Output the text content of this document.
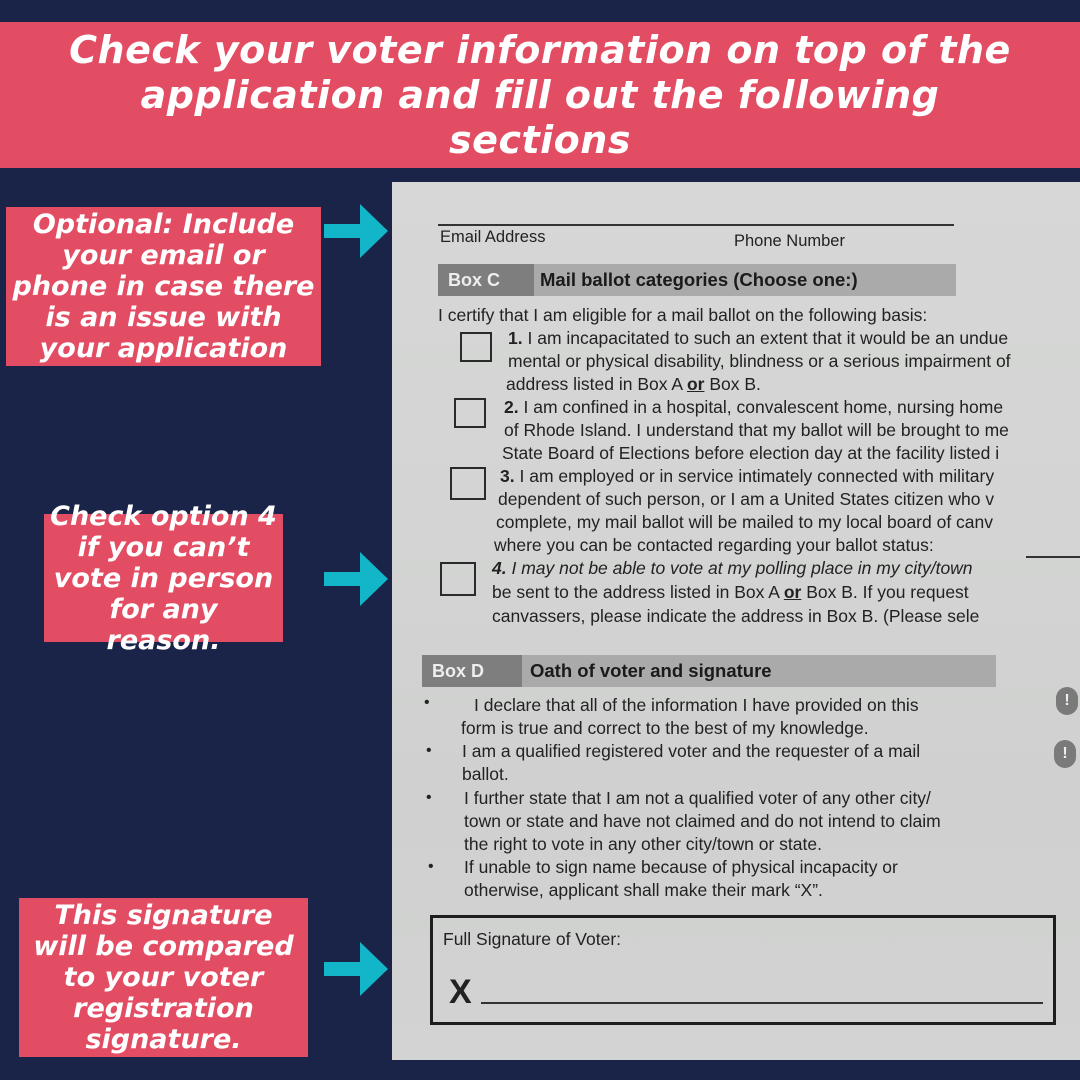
Check your voter information on top of the application and fill out the following sections
Optional: Include your email or phone in case there is an issue with your application
Check option 4 if you can’t vote in person for any reason.
This signature will be compared to your voter registration signature.
Email Address	Phone Number
Box C	Mail ballot categories (Choose one:)
I certify that I am eligible for a mail ballot on the following basis:
1. I am incapacitated to such an extent that it would be an undue
mental or physical disability, blindness or a serious impairment of
address listed in Box A or Box B.
2. I am confined in a hospital, convalescent home, nursing home
of Rhode Island. I understand that my ballot will be brought to me
State Board of Elections before election day at the facility listed i
3. I am employed or in service intimately connected with military
dependent of such person, or I am a United States citizen who v
complete, my mail ballot will be mailed to my local board of canv
where you can be contacted regarding your ballot status:
4. I may not be able to vote at my polling place in my city/town
be sent to the address listed in Box A or Box B. If you request
canvassers, please indicate the address in Box B. (Please sele
Box D	Oath of voter and signature
•	I declare that all of the information I have provided on this
form is true and correct to the best of my knowledge.
• I am a qualified registered voter and the requester of a mail
ballot.
• I further state that I am not a qualified voter of any other city/
town or state and have not claimed and do not intend to claim
the right to vote in any other city/town or state.
• If unable to sign name because of physical incapacity or
otherwise, applicant shall make their mark “X”.
!
!
Full Signature of Voter:
X
